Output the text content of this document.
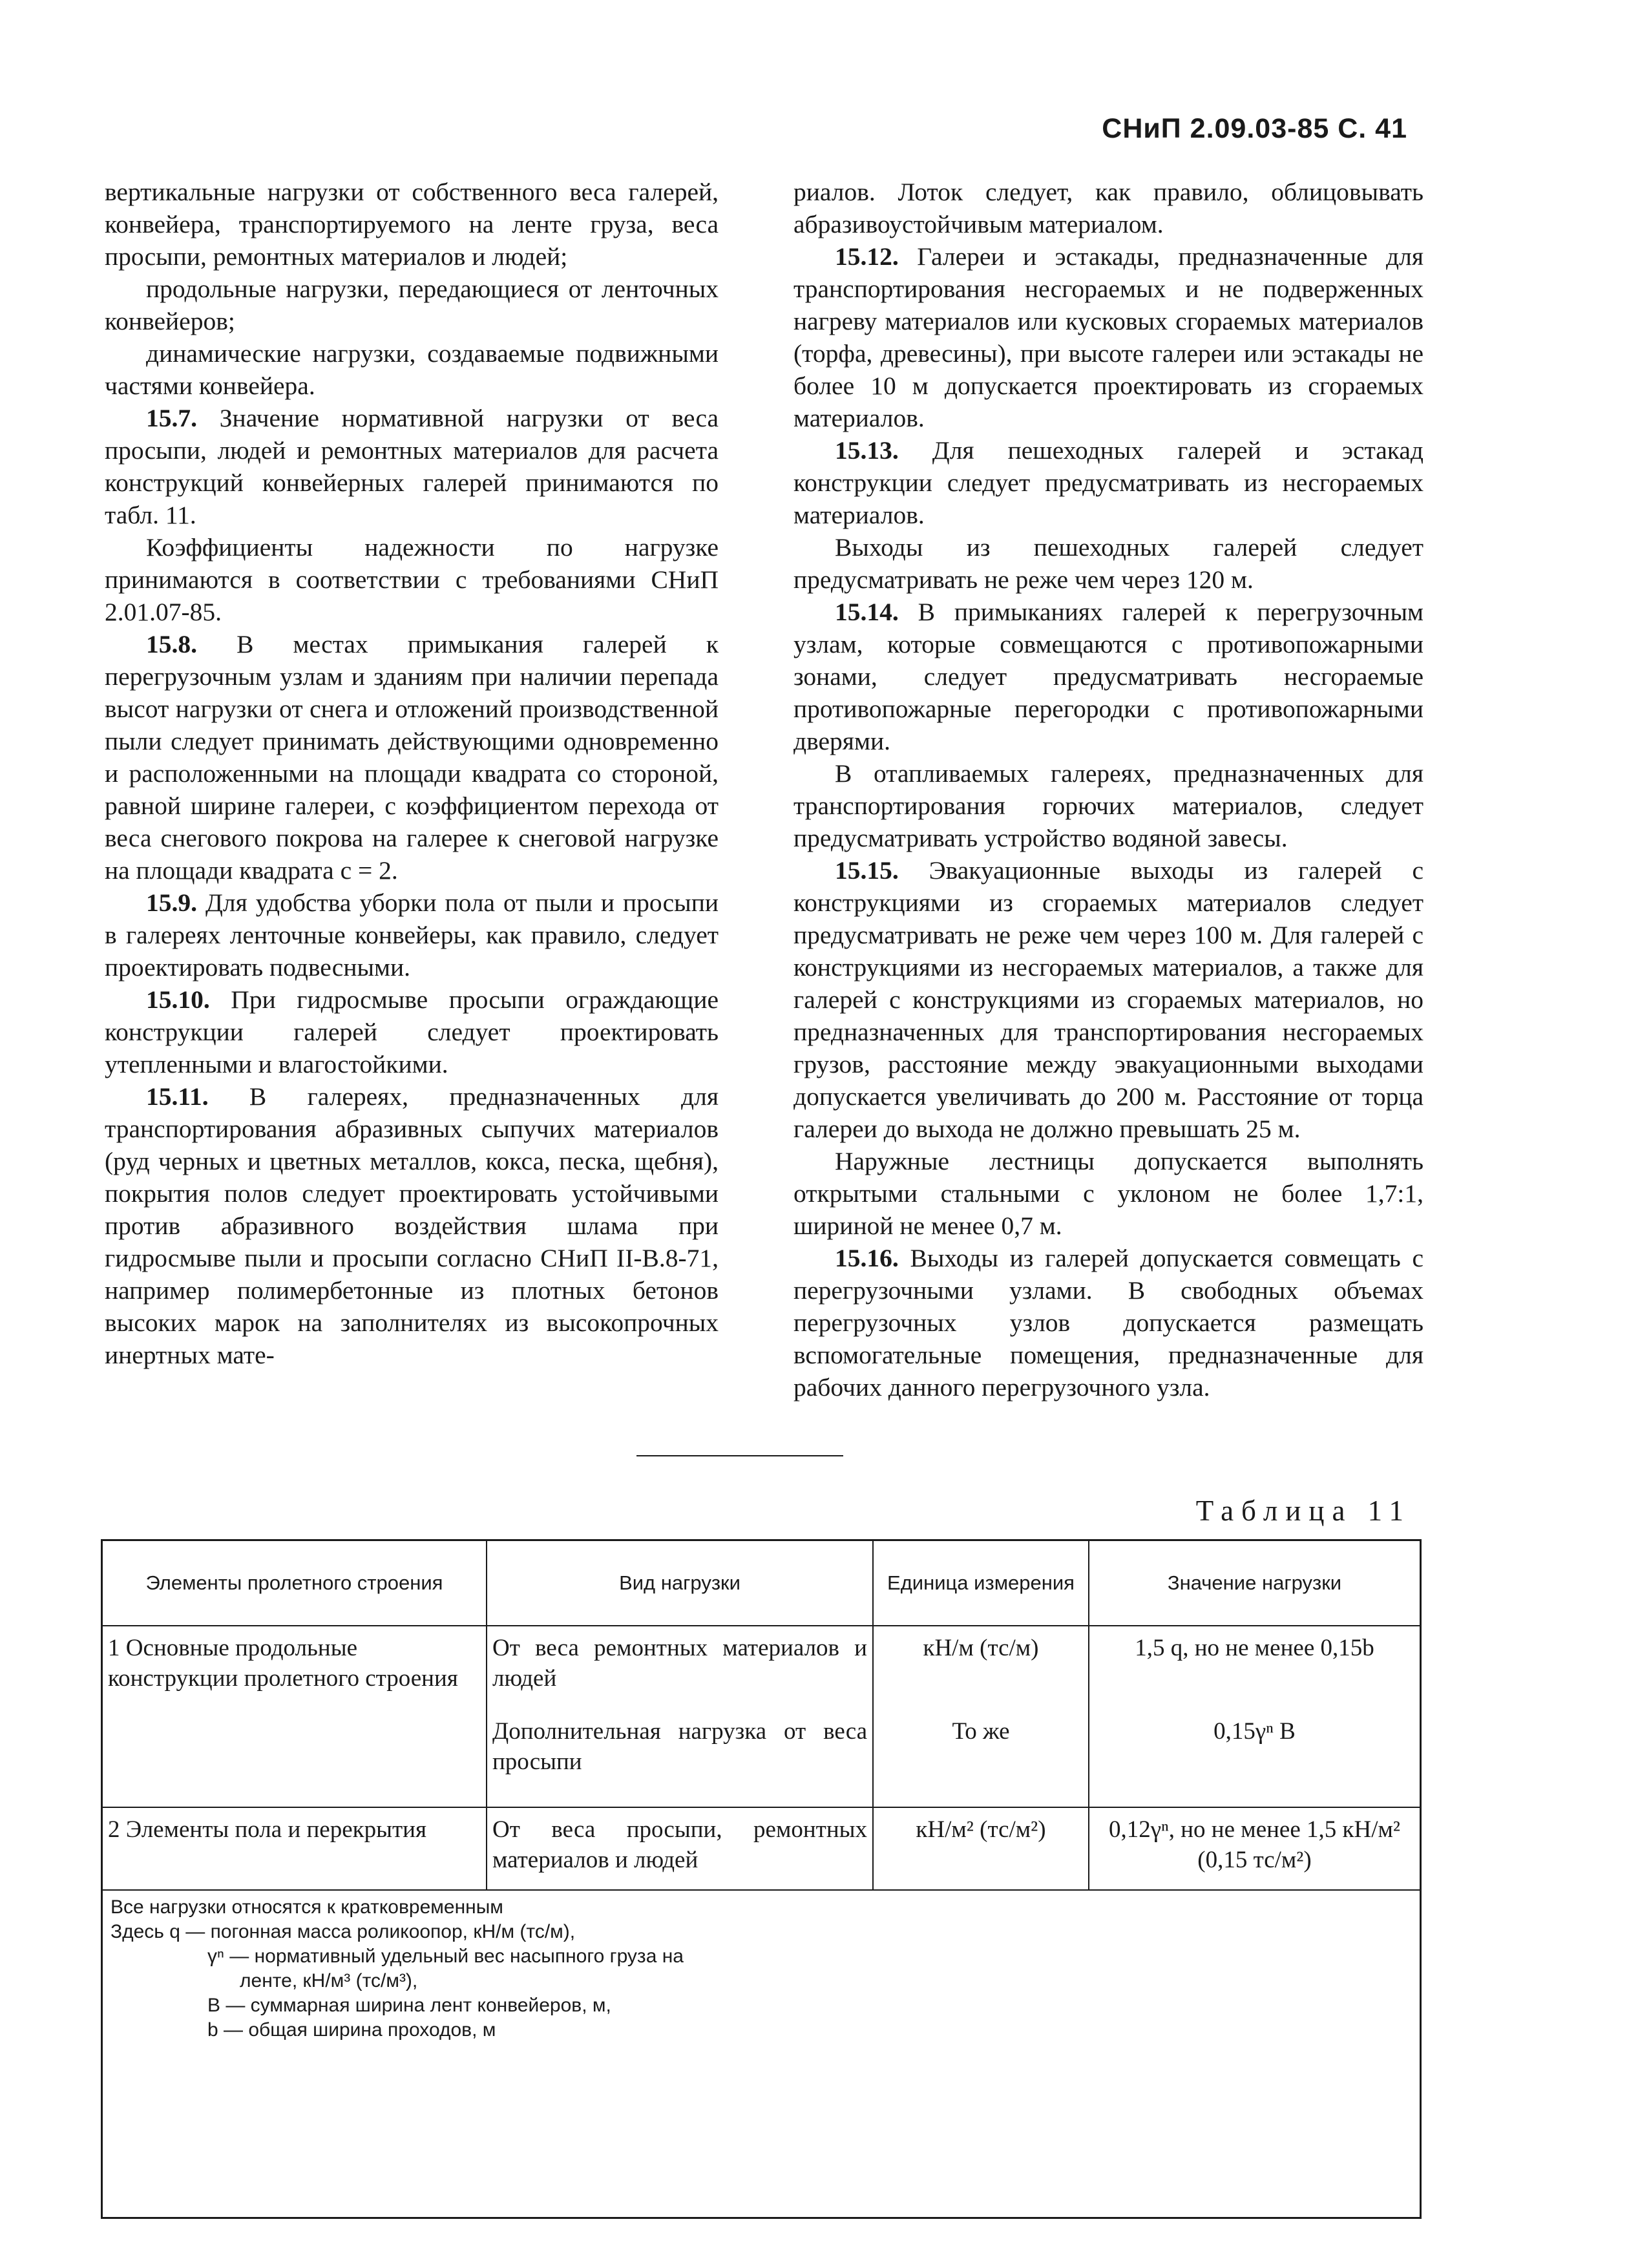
СНиП 2.09.03-85 С. 41

вертикальные нагрузки от собственного веса галерей, конвейера, транспортируемого на ленте груза, веса просыпи, ремонтных материалов и людей;

продольные нагрузки, передающиеся от ленточных конвейеров;

динамические нагрузки, создаваемые подвижными частями конвейера.

15.7. Значение нормативной нагрузки от веса просыпи, людей и ремонтных материалов для расчета конструкций конвейерных галерей принимаются по табл. 11.

Коэффициенты надежности по нагрузке принимаются в соответствии с требованиями СНиП 2.01.07-85.

15.8. В местах примыкания галерей к перегрузочным узлам и зданиям при наличии перепада высот нагрузки от снега и отложений производственной пыли следует принимать действующими одновременно и расположенными на площади квадрата со стороной, равной ширине галереи, с коэффициентом перехода от веса снегового покрова на галерее к снеговой нагрузке на площади квадрата с = 2.

15.9. Для удобства уборки пола от пыли и просыпи в галереях ленточные конвейеры, как правило, следует проектировать подвесными.

15.10. При гидросмыве просыпи ограждающие конструкции галерей следует проектировать утепленными и влагостойкими.

15.11. В галереях, предназначенных для транспортирования абразивных сыпучих материалов (руд черных и цветных металлов, кокса, песка, щебня), покрытия полов следует проектировать устойчивыми против абразивного воздействия шлама при гидросмыве пыли и просыпи согласно СНиП II-В.8-71, например полимербетонные из плотных бетонов высоких марок на заполнителях из высокопрочных инертных мате-

риалов. Лоток следует, как правило, облицовывать абразивоустойчивым материалом.

15.12. Галереи и эстакады, предназначенные для транспортирования несгораемых и не подверженных нагреву материалов или кусковых сгораемых материалов (торфа, древесины), при высоте галереи или эстакады не более 10 м допускается проектировать из сгораемых материалов.

15.13. Для пешеходных галерей и эстакад конструкции следует предусматривать из несгораемых материалов.

Выходы из пешеходных галерей следует предусматривать не реже чем через 120 м.

15.14. В примыканиях галерей к перегрузочным узлам, которые совмещаются с противопожарными зонами, следует предусматривать несгораемые противопожарные перегородки с противопожарными дверями.

В отапливаемых галереях, предназначенных для транспортирования горючих материалов, следует предусматривать устройство водяной завесы.

15.15. Эвакуационные выходы из галерей с конструкциями из сгораемых материалов следует предусматривать не реже чем через 100 м. Для галерей с конструкциями из несгораемых материалов, а также для галерей с конструкциями из сгораемых материалов, но предназначенных для транспортирования несгораемых грузов, расстояние между эвакуационными выходами допускается увеличивать до 200 м. Расстояние от торца галереи до выхода не должно превышать 25 м.

Наружные лестницы допускается выполнять открытыми стальными с уклоном не более 1,7:1, шириной не менее 0,7 м.

15.16. Выходы из галерей допускается совмещать с перегрузочными узлами. В свободных объемах перегрузочных узлов допускается размещать вспомогательные помещения, предназначенные для рабочих данного перегрузочного узла.

Таблица 11
Элементы пролетного строения	Вид нагрузки	Единица измерения	Значение нагрузки
1 Основные продольные конструкции пролетного строения	От веса ремонтных материалов и людей	кН/м (тс/м)	1,5 q, но не менее 0,15b
	Дополнительная нагрузка от веса просыпи	То же	0,15γⁿ B
2 Элементы пола и перекрытия	От веса просыпи, ремонтных материалов и людей	кН/м² (тс/м²)	0,12γⁿ, но не менее 1,5 кН/м² (0,15 тс/м²)
Все нагрузки относятся к кратковременным
Здесь q — погонная масса роликоопор, кН/м (тс/м),
γⁿ — нормативный удельный вес насыпного груза на
ленте, кН/м³ (тс/м³),
B — суммарная ширина лент конвейеров, м,
b — общая ширина проходов, м
